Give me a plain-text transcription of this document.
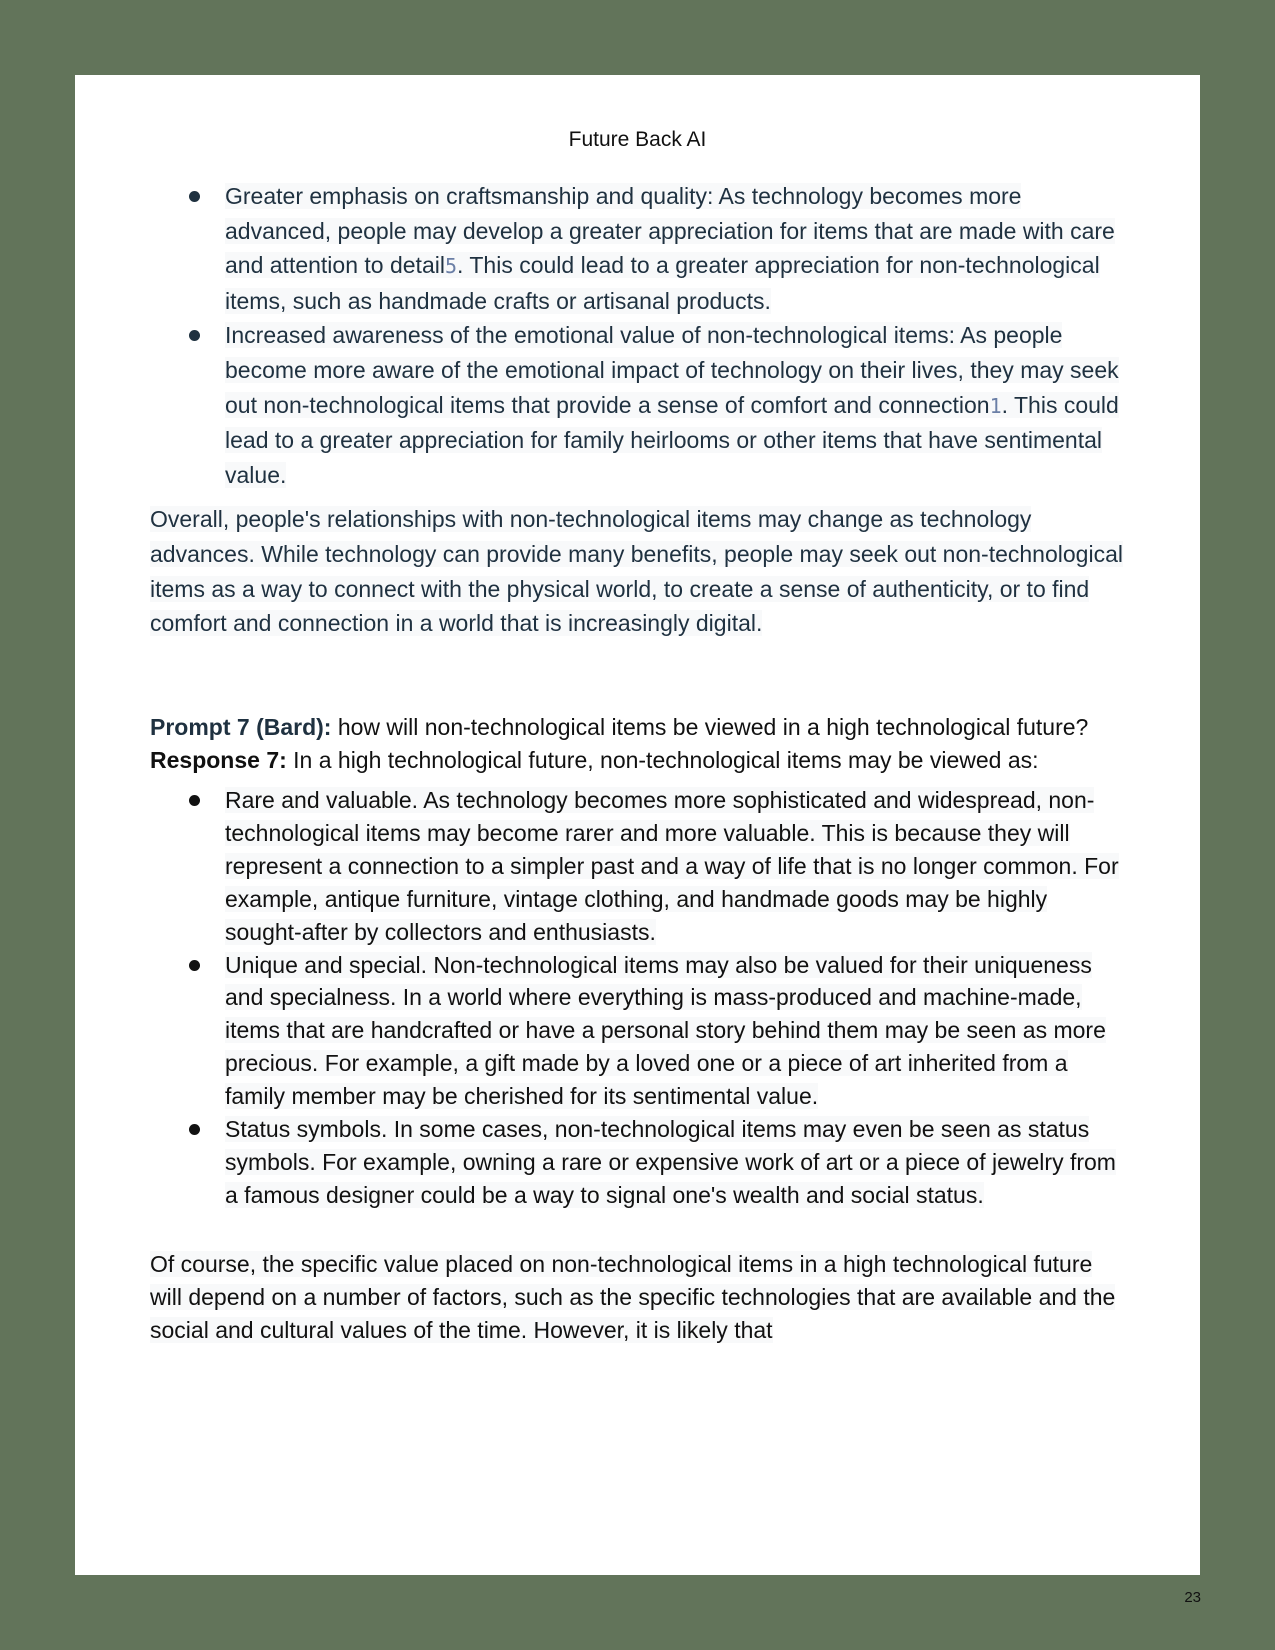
Future Back AI
Greater emphasis on craftsmanship and quality: As technology becomes more advanced, people may develop a greater appreciation for items that are made with care and attention to detail5. This could lead to a greater appreciation for non-technological items, such as handmade crafts or artisanal products.
Increased awareness of the emotional value of non-technological items: As people become more aware of the emotional impact of technology on their lives, they may seek out non-technological items that provide a sense of comfort and connection1. This could lead to a greater appreciation for family heirlooms or other items that have sentimental value.

Overall, people's relationships with non-technological items may change as technology advances. While technology can provide many benefits, people may seek out non-technological items as a way to connect with the physical world, to create a sense of authenticity, or to find comfort and connection in a world that is increasingly digital.

Prompt 7 (Bard): how will non-technological items be viewed in a high technological future?

Response 7: In a high technological future, non-technological items may be viewed as:

Rare and valuable. As technology becomes more sophisticated and widespread, non-technological items may become rarer and more valuable. This is because they will represent a connection to a simpler past and a way of life that is no longer common. For example, antique furniture, vintage clothing, and handmade goods may be highly sought-after by collectors and enthusiasts.
Unique and special. Non-technological items may also be valued for their uniqueness and specialness. In a world where everything is mass-produced and machine-made, items that are handcrafted or have a personal story behind them may be seen as more precious. For example, a gift made by a loved one or a piece of art inherited from a family member may be cherished for its sentimental value.
Status symbols. In some cases, non-technological items may even be seen as status symbols. For example, owning a rare or expensive work of art or a piece of jewelry from a famous designer could be a way to signal one's wealth and social status.

Of course, the specific value placed on non-technological items in a high technological future will depend on a number of factors, such as the specific technologies that are available and the social and cultural values of the time. However, it is likely that

23
